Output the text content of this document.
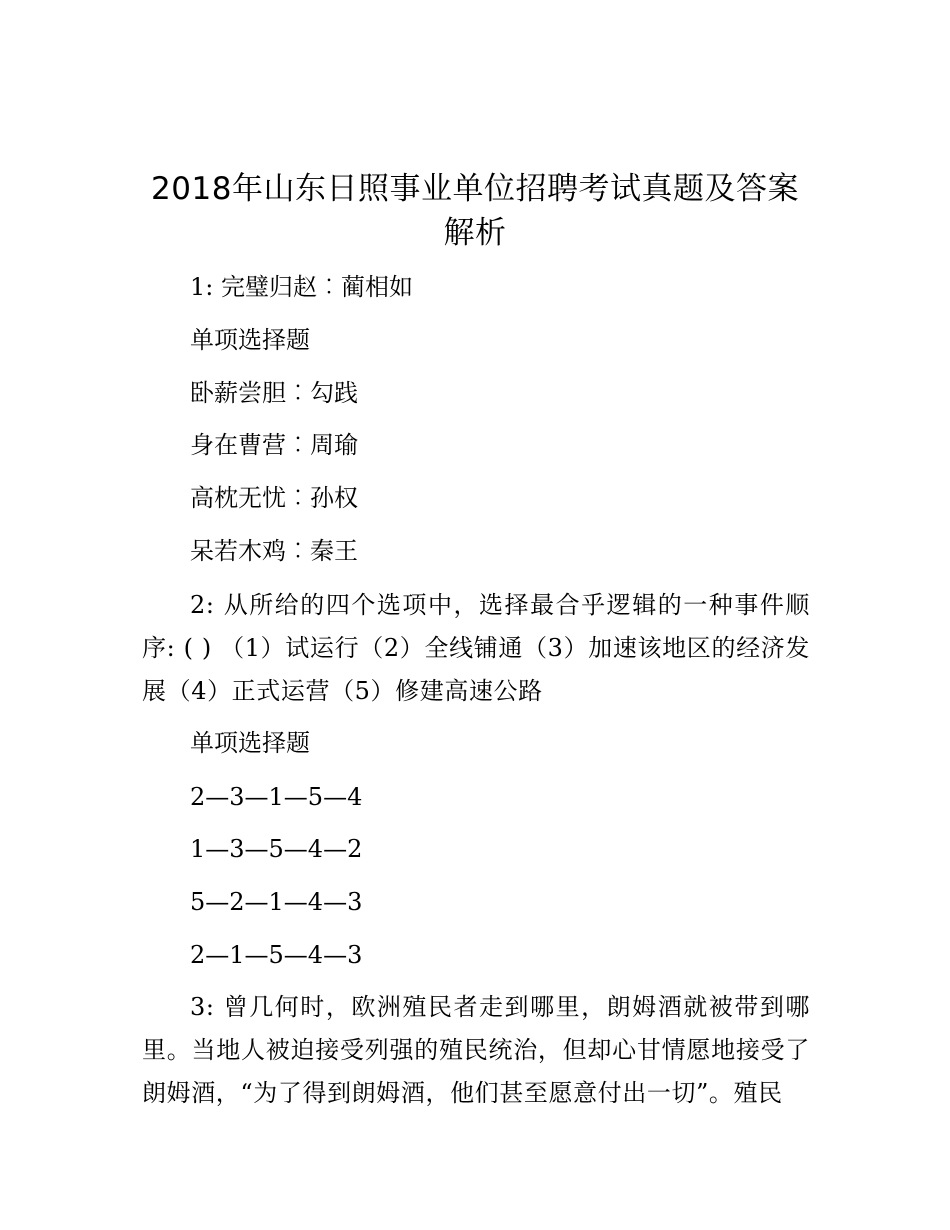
2018年山东日照事业单位招聘考试真题及答案
解析
1: 完璧归赵︰蔺相如
单项选择题
卧薪尝胆︰勾践
身在曹营︰周瑜
高枕无忧︰孙权
呆若木鸡︰秦王
2: 从所给的四个选项中，选择最合乎逻辑的一种事件顺序: ( ) （1）试运行（2）全线铺通（3）加速该地区的经济发展（4）正式运营（5）修建高速公路
单项选择题
2—3—1—5—4
1—3—5—4—2
5—2—1—4—3
2—1—5—4—3
3: 曾几何时，欧洲殖民者走到哪里，朗姆酒就被带到哪里。当地人被迫接受列强的殖民统治，但却心甘情愿地接受了朗姆酒，“为了得到朗姆酒，他们甚至愿意付出一切”。殖民
